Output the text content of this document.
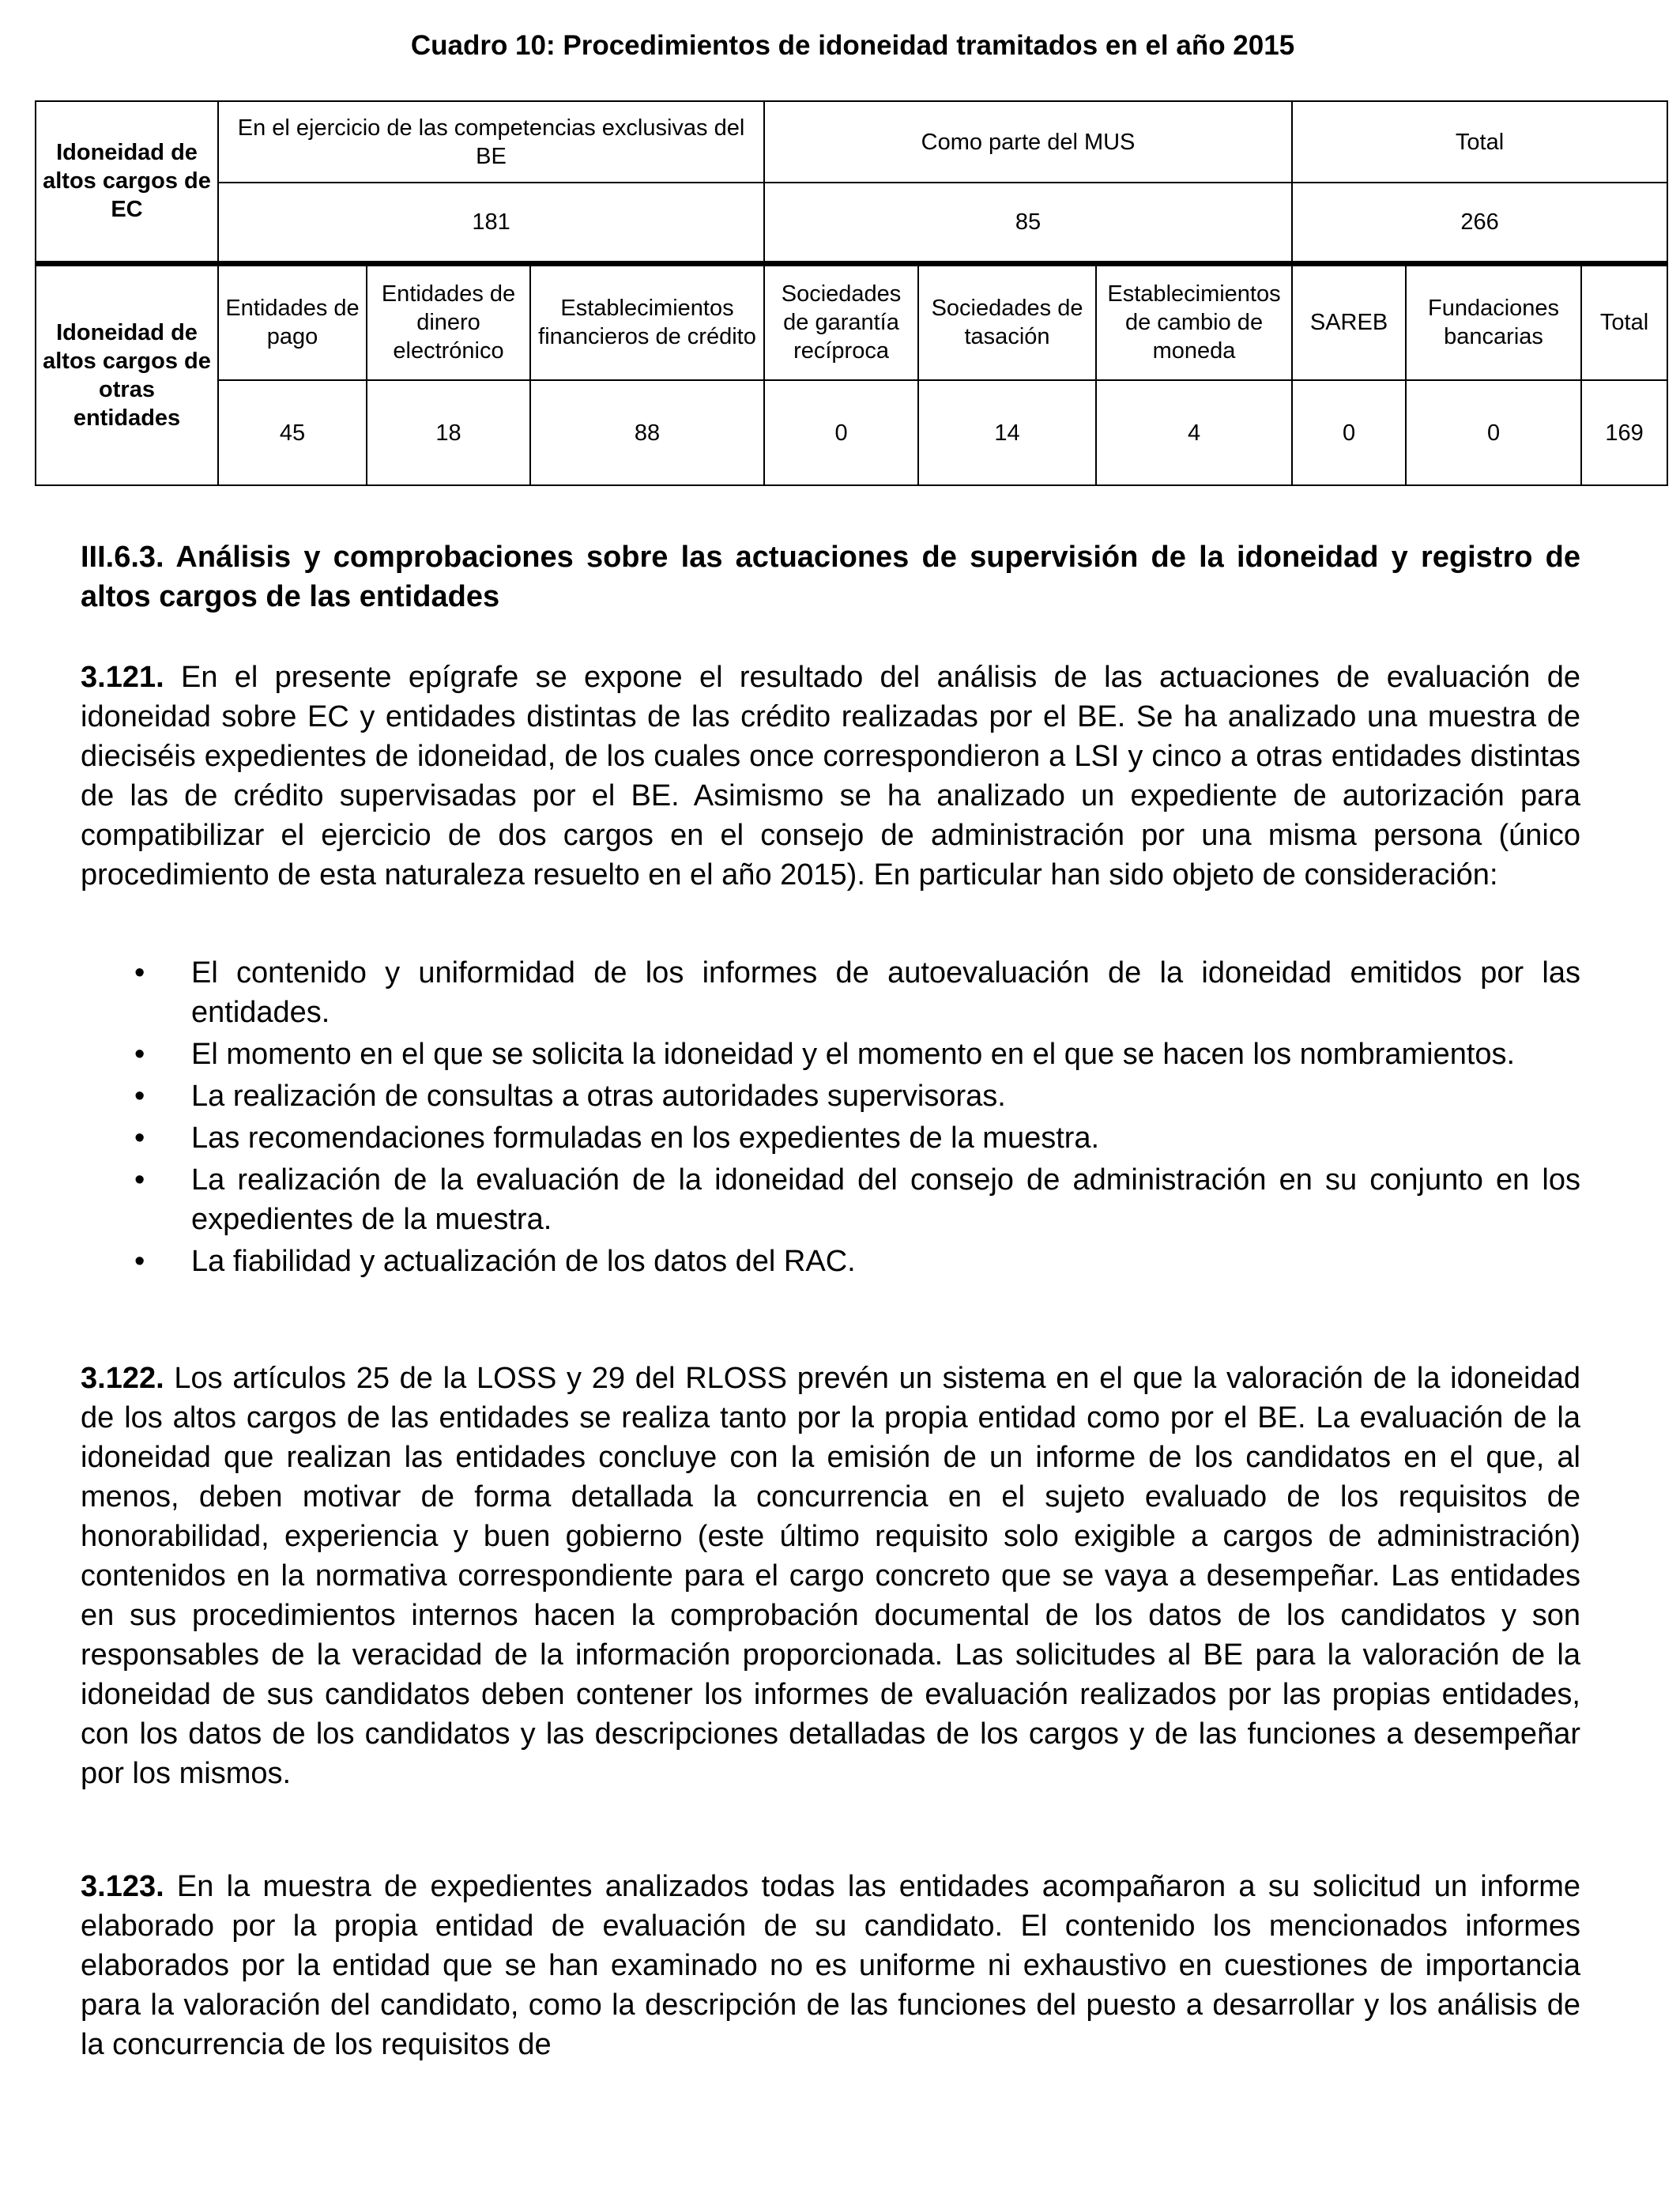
Cuadro 10: Procedimientos de idoneidad tramitados en el año 2015
Idoneidad de altos cargos de EC	En el ejercicio de las competencias exclusivas del BE			Como parte del MUS			Total		
	181			85			266		
Idoneidad de altos cargos de otras entidades	Entidades de pago	Entidades de dinero electrónico	Establecimientos financieros de crédito	Sociedades de garantía recíproca	Sociedades de tasación	Establecimientos de cambio de moneda	SAREB	Fundaciones bancarias	Total
	45	18	88	0	14	4	0	0	169
III.6.3. Análisis y comprobaciones sobre las actuaciones de supervisión de la idoneidad y registro de altos cargos de las entidades

3.121. En el presente epígrafe se expone el resultado del análisis de las actuaciones de evaluación de idoneidad sobre EC y entidades distintas de las crédito realizadas por el BE. Se ha analizado una muestra de dieciséis expedientes de idoneidad, de los cuales once correspondieron a LSI y cinco a otras entidades distintas de las de crédito supervisadas por el BE. Asimismo se ha analizado un expediente de autorización para compatibilizar el ejercicio de dos cargos en el consejo de administración por una misma persona (único procedimiento de esta naturaleza resuelto en el año 2015). En particular han sido objeto de consideración:

• El contenido y uniformidad de los informes de autoevaluación de la idoneidad emitidos por las entidades.
• El momento en el que se solicita la idoneidad y el momento en el que se hacen los nombramientos.
• La realización de consultas a otras autoridades supervisoras.
• Las recomendaciones formuladas en los expedientes de la muestra.
• La realización de la evaluación de la idoneidad del consejo de administración en su conjunto en los expedientes de la muestra.
• La fiabilidad y actualización de los datos del RAC.

3.122. Los artículos 25 de la LOSS y 29 del RLOSS prevén un sistema en el que la valoración de la idoneidad de los altos cargos de las entidades se realiza tanto por la propia entidad como por el BE. La evaluación de la idoneidad que realizan las entidades concluye con la emisión de un informe de los candidatos en el que, al menos, deben motivar de forma detallada la concurrencia en el sujeto evaluado de los requisitos de honorabilidad, experiencia y buen gobierno (este último requisito solo exigible a cargos de administración) contenidos en la normativa correspondiente para el cargo concreto que se vaya a desempeñar. Las entidades en sus procedimientos internos hacen la comprobación documental de los datos de los candidatos y son responsables de la veracidad de la información proporcionada. Las solicitudes al BE para la valoración de la idoneidad de sus candidatos deben contener los informes de evaluación realizados por las propias entidades, con los datos de los candidatos y las descripciones detalladas de los cargos y de las funciones a desempeñar por los mismos.

3.123. En la muestra de expedientes analizados todas las entidades acompañaron a su solicitud un informe elaborado por la propia entidad de evaluación de su candidato. El contenido los mencionados informes elaborados por la entidad que se han examinado no es uniforme ni exhaustivo en cuestiones de importancia para la valoración del candidato, como la descripción de las funciones del puesto a desarrollar y los análisis de la concurrencia de los requisitos de
